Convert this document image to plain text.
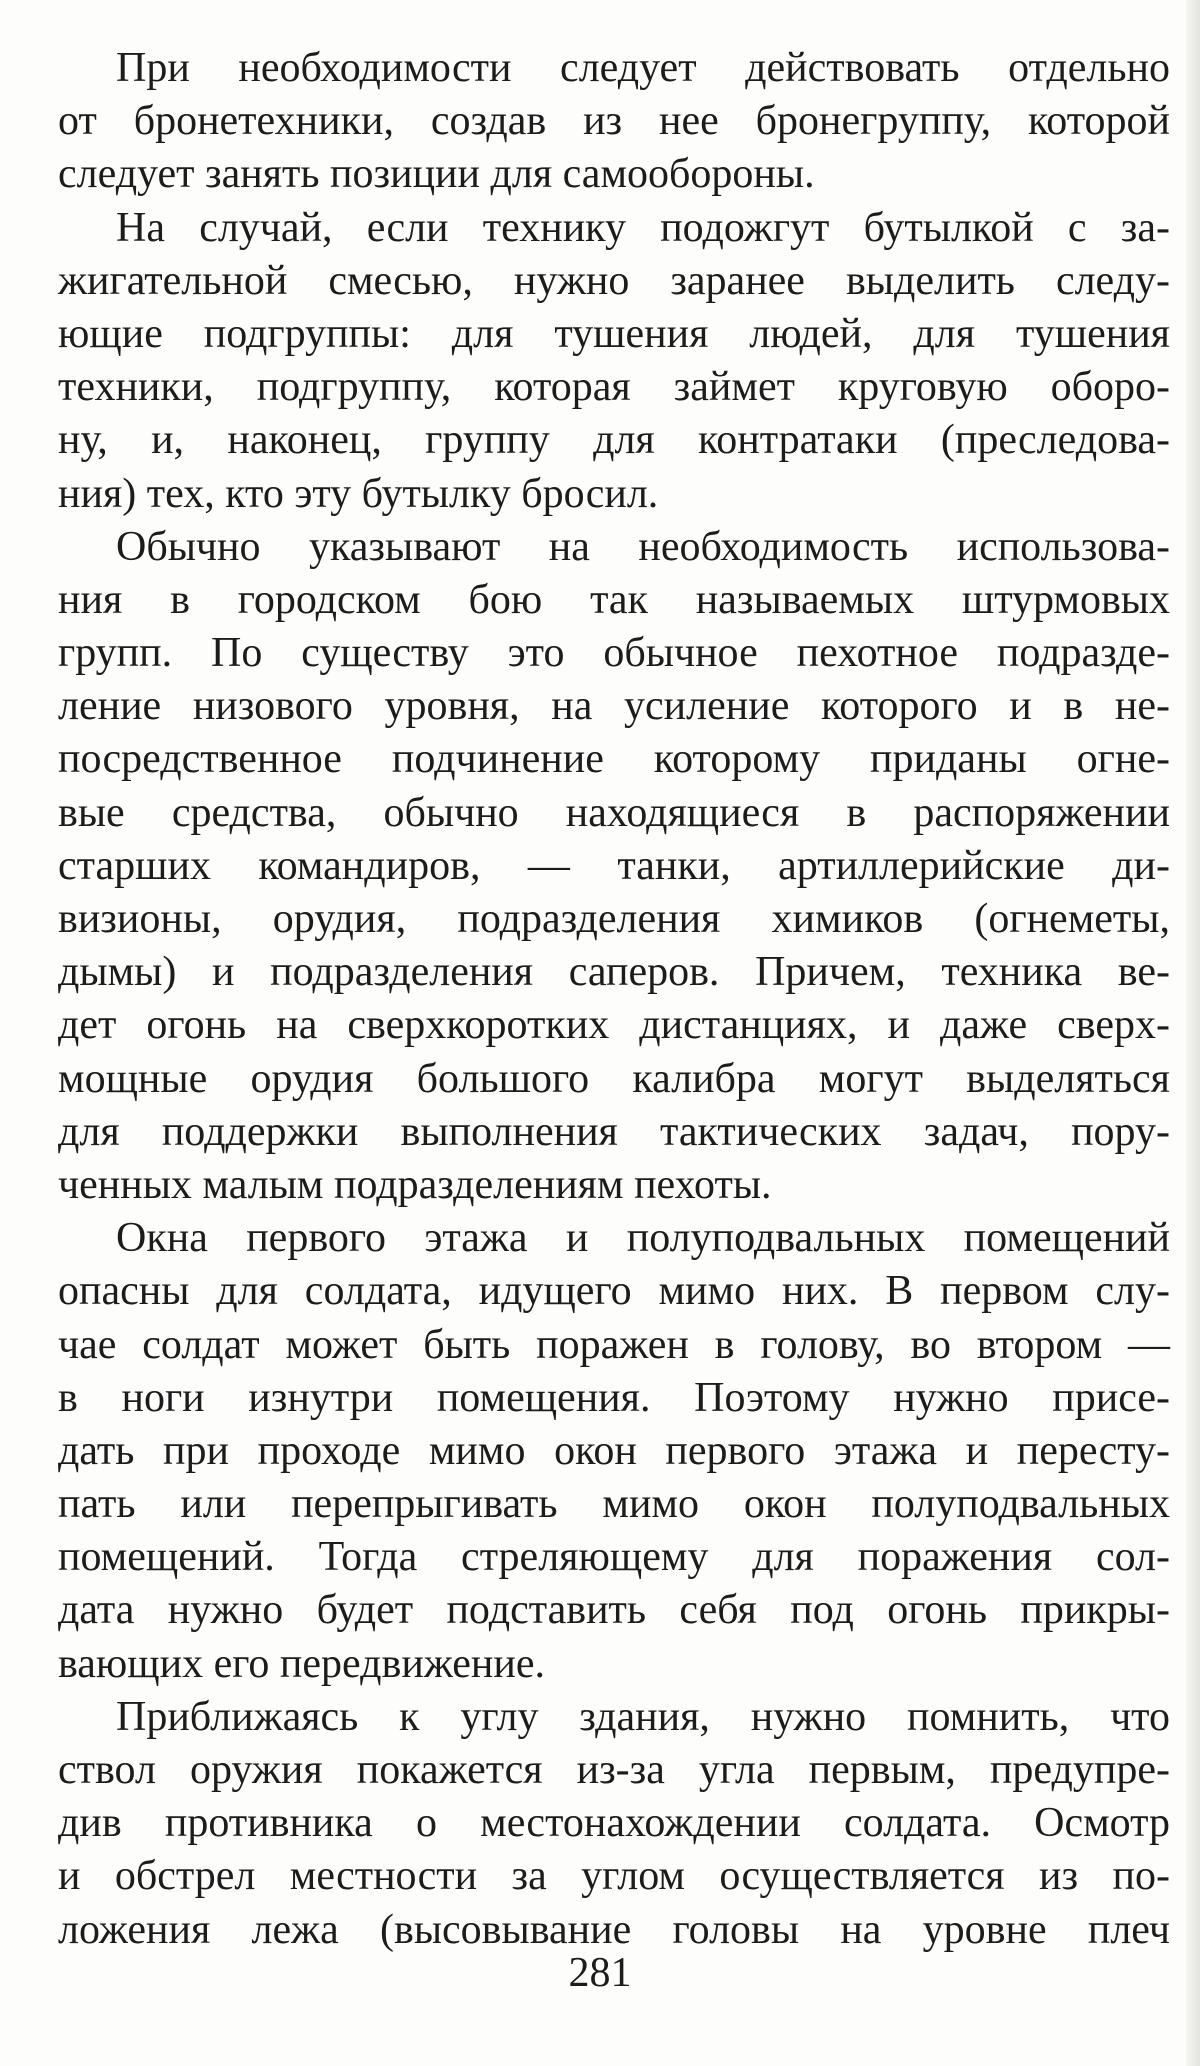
При необходимости следует действовать отдельно
от бронетехники, создав из нее бронегруппу, которой
следует занять позиции для самообороны.

На случай, если технику подожгут бутылкой с за-
жигательной смесью, нужно заранее выделить следу-
ющие подгруппы: для тушения людей, для тушения
техники, подгруппу, которая займет круговую оборо-
ну, и, наконец, группу для контратаки (преследова-
ния) тех, кто эту бутылку бросил.

Обычно указывают на необходимость использова-
ния в городском бою так называемых штурмовых
групп. По существу это обычное пехотное подразде-
ление низового уровня, на усиление которого и в не-
посредственное подчинение которому приданы огне-
вые средства, обычно находящиеся в распоряжении
старших командиров, — танки, артиллерийские ди-
визионы, орудия, подразделения химиков (огнеметы,
дымы) и подразделения саперов. Причем, техника ве-
дет огонь на сверхкоротких дистанциях, и даже сверх-
мощные орудия большого калибра могут выделяться
для поддержки выполнения тактических задач, пору-
ченных малым подразделениям пехоты.

Окна первого этажа и полуподвальных помещений
опасны для солдата, идущего мимо них. В первом слу-
чае солдат может быть поражен в голову, во втором —
в ноги изнутри помещения. Поэтому нужно присе-
дать при проходе мимо окон первого этажа и пересту-
пать или перепрыгивать мимо окон полуподвальных
помещений. Тогда стреляющему для поражения сол-
дата нужно будет подставить себя под огонь прикры-
вающих его передвижение.

Приближаясь к углу здания, нужно помнить, что
ствол оружия покажется из-за угла первым, предупре-
див противника о местонахождении солдата. Осмотр
и обстрел местности за углом осуществляется из по-
ложения лежа (высовывание головы на уровне плеч

281
